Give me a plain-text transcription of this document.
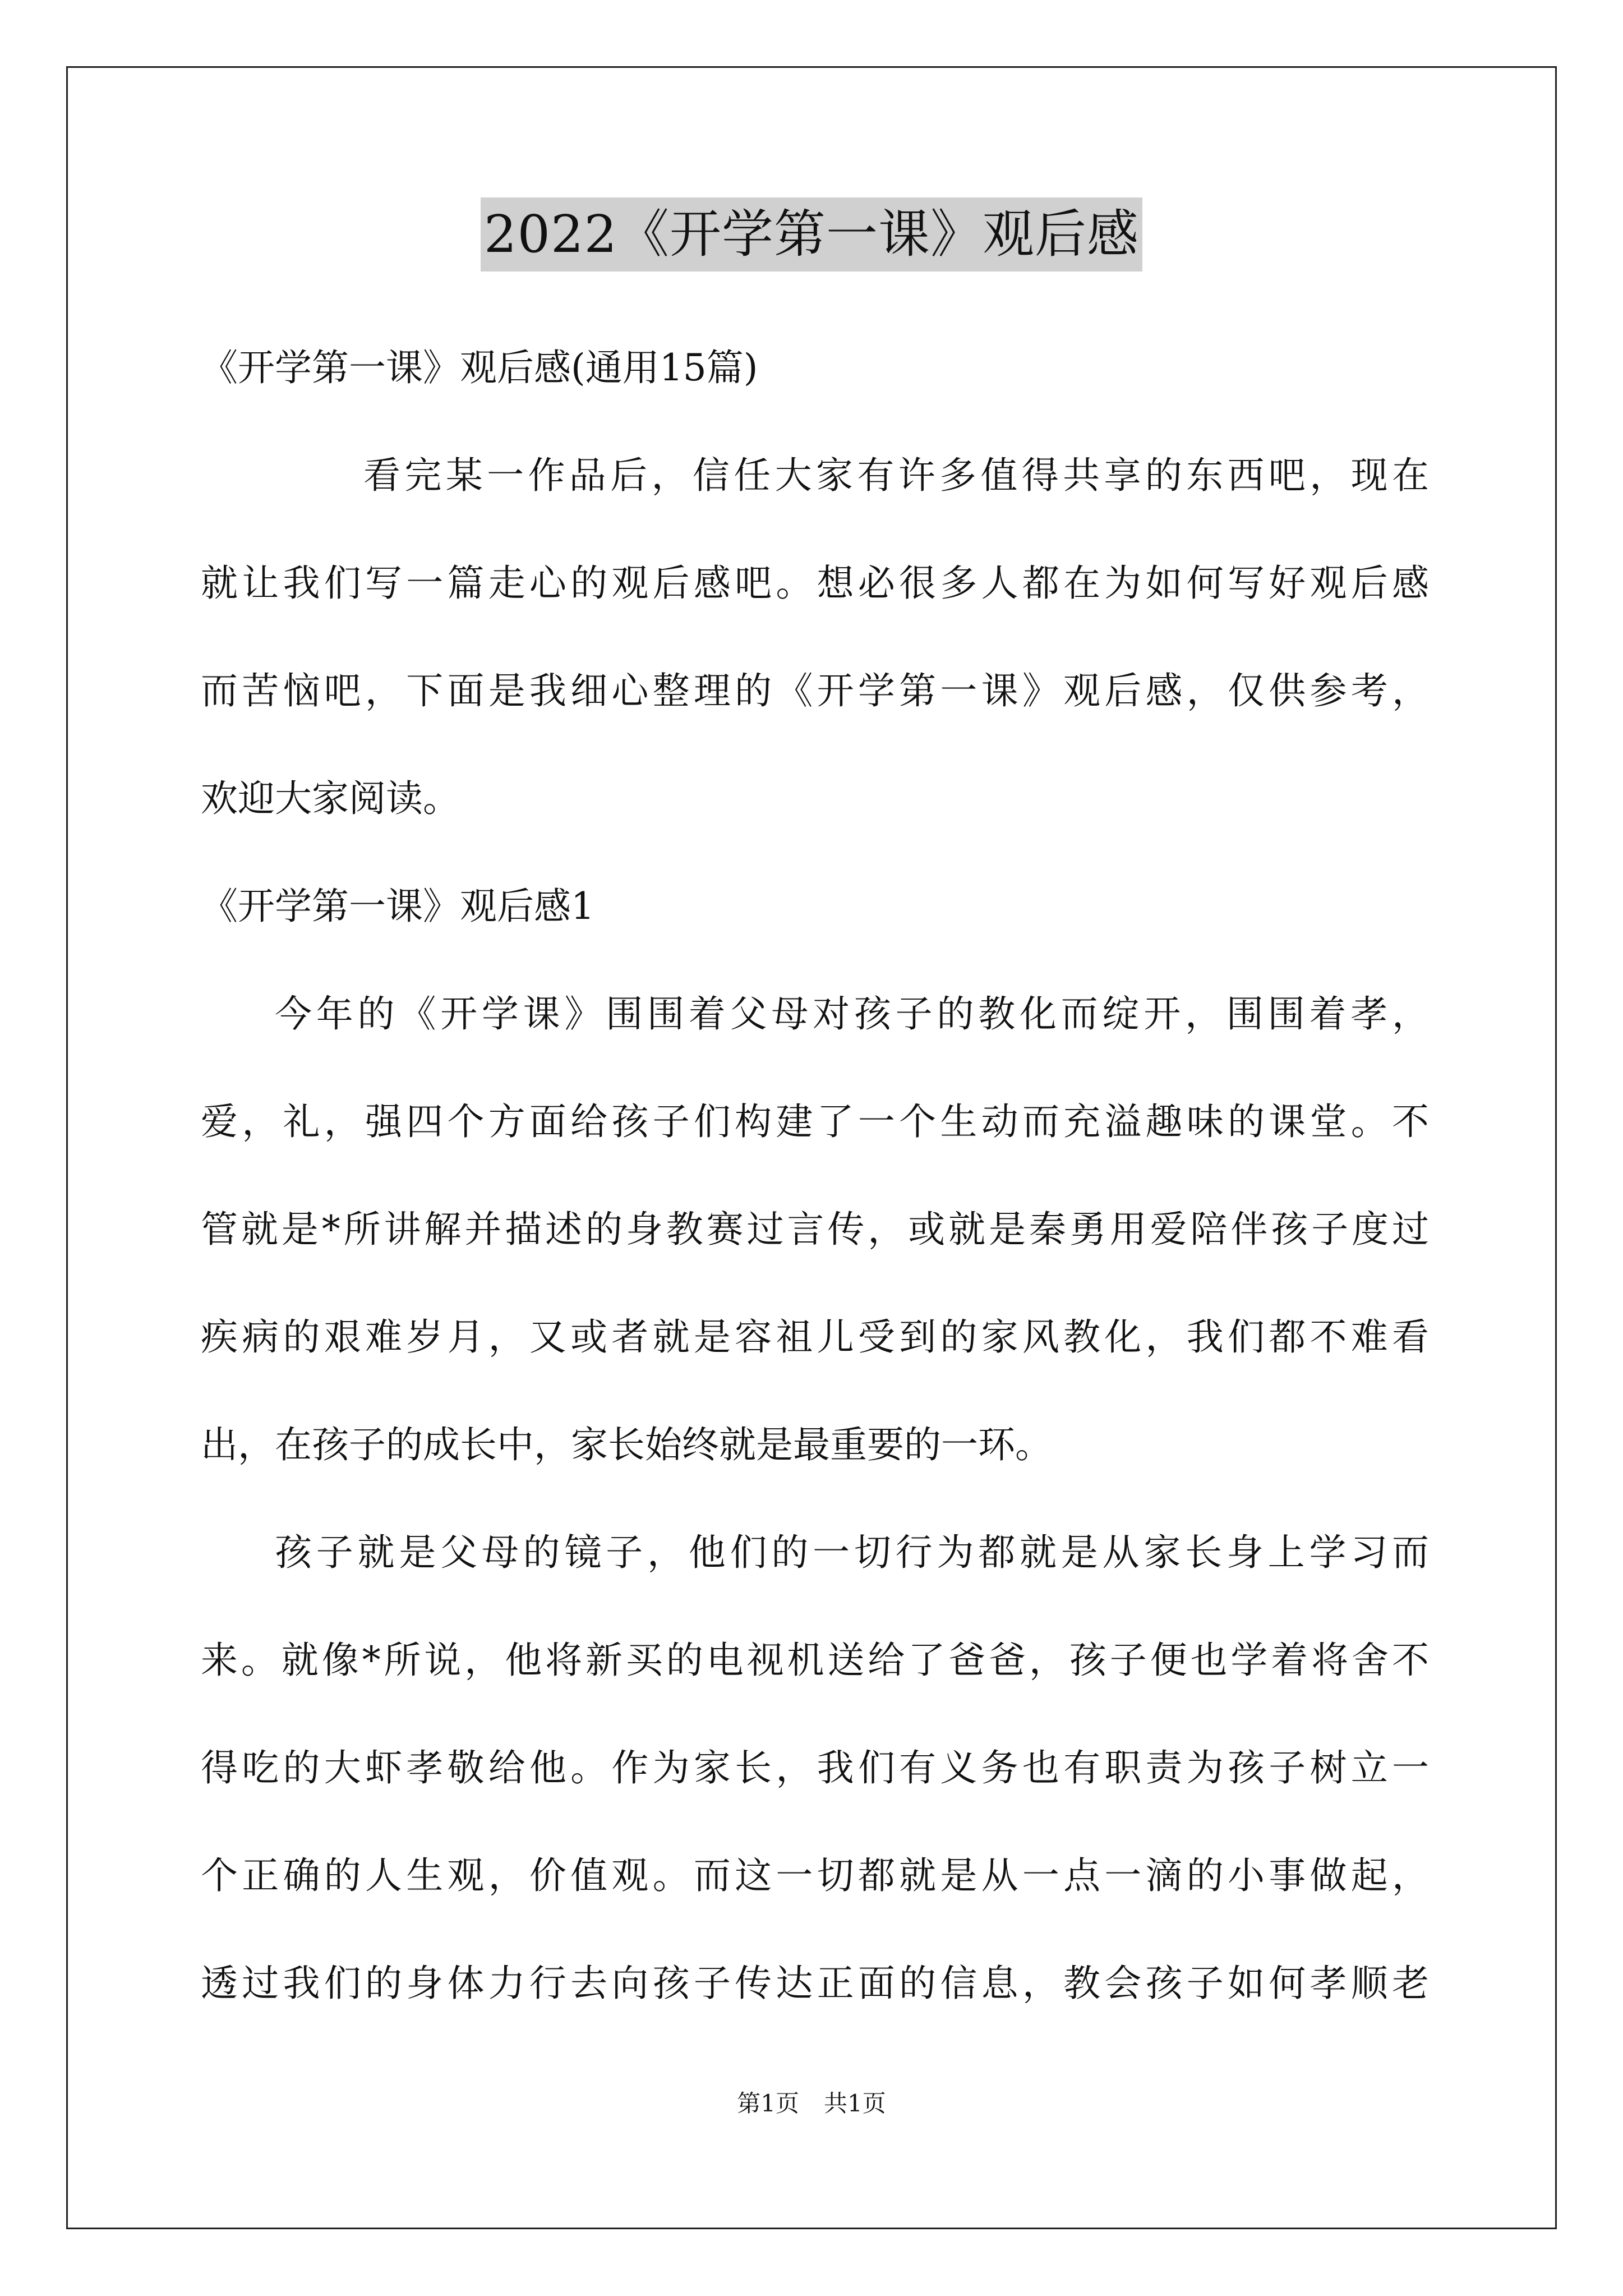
2022《开学第一课》观后感

《开学第一课》观后感(通用15篇)

看完某一作品后，信任大家有许多值得共享的东西吧，现在

就让我们写一篇走心的观后感吧。想必很多人都在为如何写好观后感

而苦恼吧，下面是我细心整理的《开学第一课》观后感，仅供参考，

欢迎大家阅读。

《开学第一课》观后感1

今年的《开学课》围围着父母对孩子的教化而绽开，围围着孝，

爱，礼，强四个方面给孩子们构建了一个生动而充溢趣味的课堂。不

管就是*所讲解并描述的身教赛过言传，或就是秦勇用爱陪伴孩子度过

疾病的艰难岁月，又或者就是容祖儿受到的家风教化，我们都不难看

出，在孩子的成长中，家长始终就是最重要的一环。

孩子就是父母的镜子，他们的一切行为都就是从家长身上学习而

来。就像*所说，他将新买的电视机送给了爸爸，孩子便也学着将舍不

得吃的大虾孝敬给他。作为家长，我们有义务也有职责为孩子树立一

个正确的人生观，价值观。而这一切都就是从一点一滴的小事做起，

透过我们的身体力行去向孩子传达正面的信息，教会孩子如何孝顺老

第1页 共1页
